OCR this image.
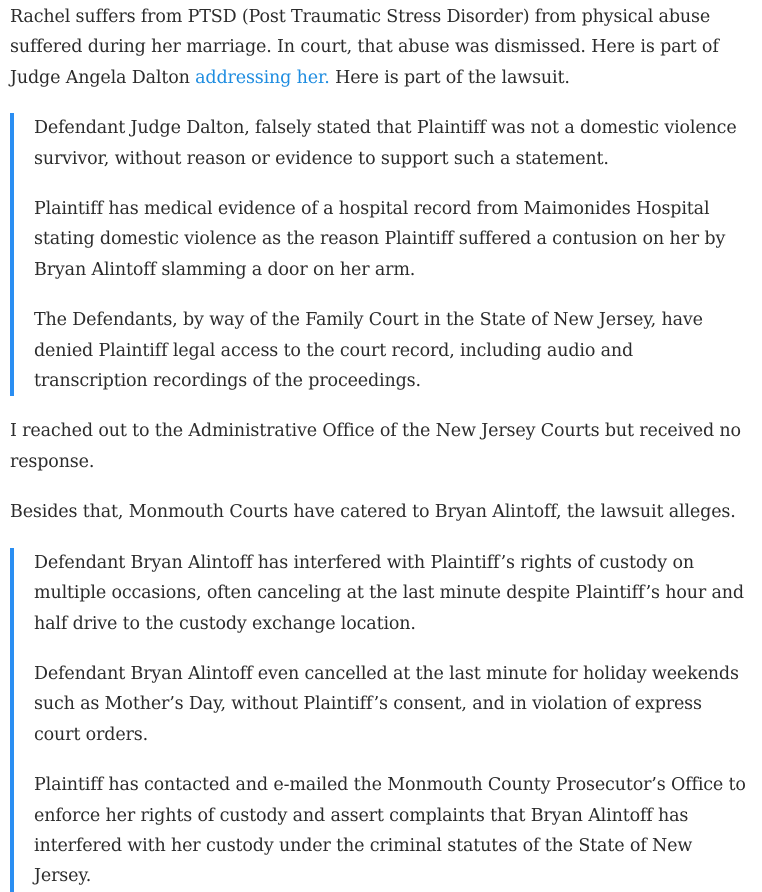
Rachel suffers from PTSD (Post Traumatic Stress Disorder) from physical abuse suffered during her marriage. In court, that abuse was dismissed. Here is part of Judge Angela Dalton addressing her. Here is part of the lawsuit.

Defendant Judge Dalton, falsely stated that Plaintiff was not a domestic violence survivor, without reason or evidence to support such a statement.

Plaintiff has medical evidence of a hospital record from Maimonides Hospital stating domestic violence as the reason Plaintiff suffered a contusion on her by Bryan Alintoff slamming a door on her arm.

The Defendants, by way of the Family Court in the State of New Jersey, have denied Plaintiff legal access to the court record, including audio and transcription recordings of the proceedings.

I reached out to the Administrative Office of the New Jersey Courts but received no response.

Besides that, Monmouth Courts have catered to Bryan Alintoff, the lawsuit alleges.

Defendant Bryan Alintoff has interfered with Plaintiff’s rights of custody on multiple occasions, often canceling at the last minute despite Plaintiff’s hour and half drive to the custody exchange location.

Defendant Bryan Alintoff even cancelled at the last minute for holiday weekends such as Mother’s Day, without Plaintiff’s consent, and in violation of express court orders.

Plaintiff has contacted and e-mailed the Monmouth County Prosecutor’s Office to enforce her rights of custody and assert complaints that Bryan Alintoff has interfered with her custody under the criminal statutes of the State of New Jersey.
